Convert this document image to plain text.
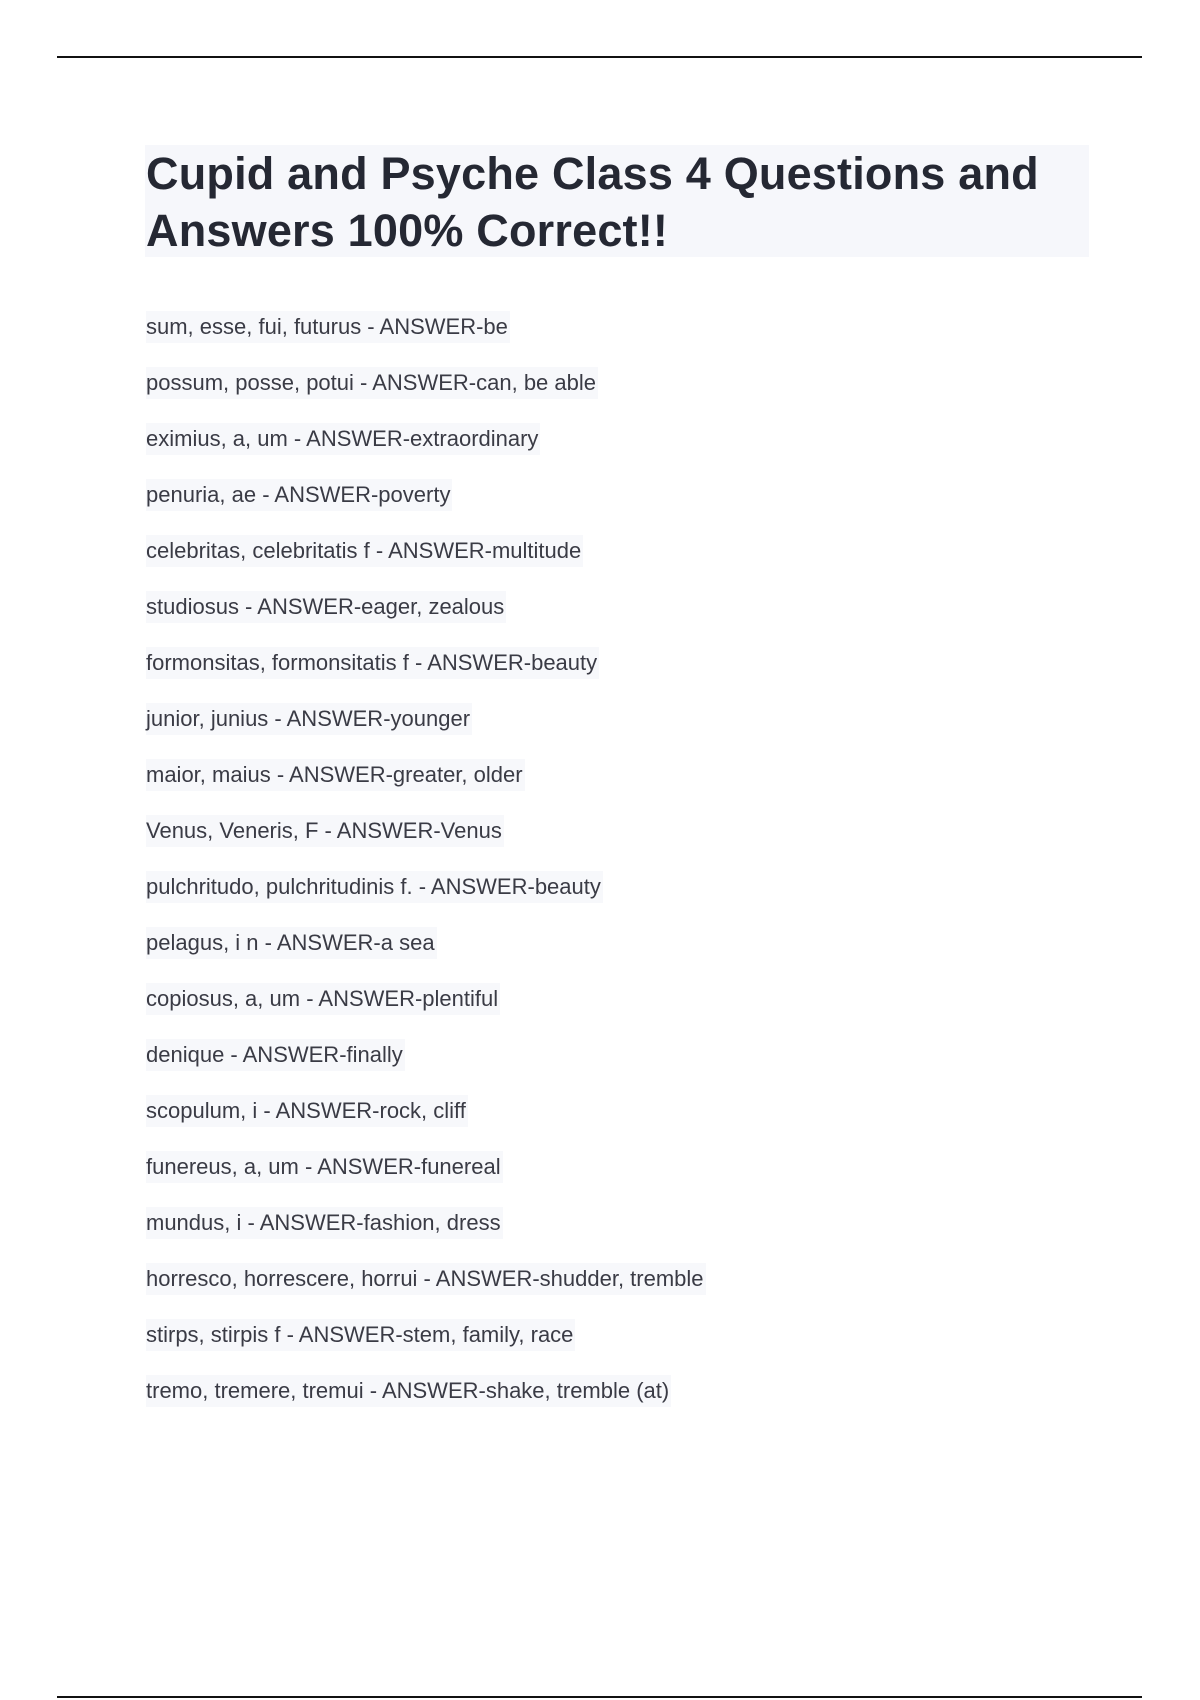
Cupid and Psyche Class 4 Questions and Answers 100% Correct!!
sum, esse, fui, futurus - ANSWER-be
possum, posse, potui - ANSWER-can, be able
eximius, a, um - ANSWER-extraordinary
penuria, ae - ANSWER-poverty
celebritas, celebritatis f - ANSWER-multitude
studiosus - ANSWER-eager, zealous
formonsitas, formonsitatis f - ANSWER-beauty
junior, junius - ANSWER-younger
maior, maius - ANSWER-greater, older
Venus, Veneris, F - ANSWER-Venus
pulchritudo, pulchritudinis f. - ANSWER-beauty
pelagus, i n - ANSWER-a sea
copiosus, a, um - ANSWER-plentiful
denique - ANSWER-finally
scopulum, i - ANSWER-rock, cliff
funereus, a, um - ANSWER-funereal
mundus, i - ANSWER-fashion, dress
horresco, horrescere, horrui - ANSWER-shudder, tremble
stirps, stirpis f - ANSWER-stem, family, race
tremo, tremere, tremui - ANSWER-shake, tremble (at)
